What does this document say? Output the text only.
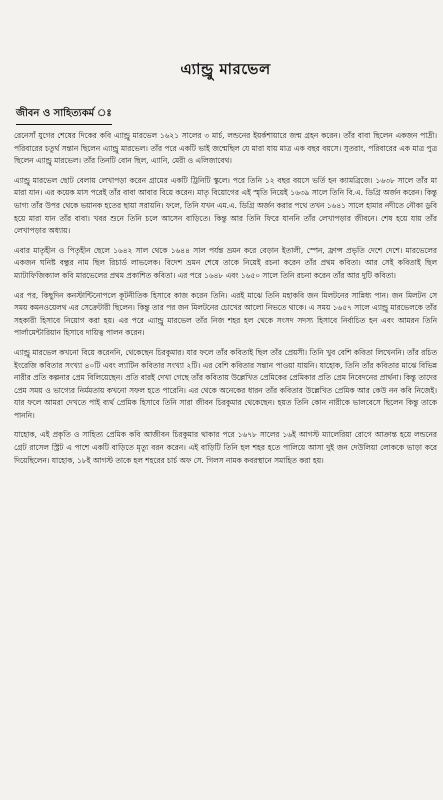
এ্যান্ড্রু মারভেল
জীবন ও সাহিত্যকর্ম ঃ

রেনেসাঁ যুগের শেষের দিকের কবি এ্যান্ড্রু মারভেল ১৬২১ সালের ৩ মার্চ, লন্ডনের ইয়র্কশায়ারে জন্ম গ্রহন করেন। তাঁর বাবা ছিলেন একজন পাদ্রী। পরিবারের চতুর্থ সন্তান ছিলেন এ্যান্ড্রু মারভেল। তাঁর পরে একটি ভাই জন্মেছিল যে মারা যায় মাত্র এক বছর বয়সে। সুতরাং, পরিবারের এক মাত্র পুত্র ছিলেন এ্যান্ড্রু মারভেল। তাঁর তিনটি বোন ছিল, এ্যানি, মেরী ও এলিজাবেথ।

এ্যান্ড্রু মারভেল ছোট বেলায় লেখাপড়া করেন গ্রামের একটি ট্রিনিটি স্কুলে। পরে তিনি ১২ বছর বয়সে ভর্তি হন ক্যামব্রিজে। ১৬৩৮ সালে তাঁর মা মারা যান। এর কয়েক মাস পরেই তাঁর বাবা আবার বিয়ে করেন। মাতৃ বিয়োগের এই স্মৃতি নিয়েই ১৬৩৯ সালে তিনি বি.এ. ডিগ্রি অর্জন করেন। কিন্তু ভাগ্য তাঁর উপর থেকে ভয়ানক হতের ছায়া সরায়নি। ফলে, তিনি যখন এম.এ. ডিগ্রি অর্জন করার পথে তখন ১৬৪১ সালে হামার নদীতে নৌকা ডুবি হয়ে মারা যান তাঁর বাবা। খবর শুনে তিনি চলে আসেন বাড়িতে। কিন্তু আর তিনি ফিরে যাননি তাঁর লেখাপড়ার জীবনে। শেষ হয়ে যায় তাঁর লেখাপড়ার অধ্যায়।

এবার মাতৃহীন ও পিতৃহীন ছেলে ১৬৪২ সাল থেকে ১৬৪৪ সাল পর্যন্ত ভ্রমন করে বেড়ান ইতালী, স্পেন, ফ্রান্স প্রভৃতি দেশে দেশে। মারভেলের একজন ঘনিষ্ট বন্ধুর নাম ছিল রিচার্ড লাভলেক। বিদেশ ভ্রমন শেষে তাকে নিয়েই রচনা করেন তাঁর প্রথম কবিতা। আর সেই কবিতাই ছিল ম্যাটাফিজিক্যাল কবি মারভেলের প্রথম প্রকাশিত কবিতা। এর পরে ১৬৪৮ এবং ১৬৫০ সালে তিনি রচনা করেন তাঁর আর দুটি কবিতা।

এর পর, কিছুদিন কনস্টান্টিনোপলে কূটনীতিক হিসাবে কাজ করেন তিনি। এরই মাঝে তিনি মহাকবি জন মিলটনের সান্নিধ্য পান। জন মিলটন সে সময় কমনওয়েলথ এর সেক্রেটারী ছিলেন। কিন্তু তার পর জন মিলটনের চোখের আলো নিভতে থাকে। এ সময় ১৬৫৭ সালে এ্যান্ড্রু মারভেলকে তাঁর সহকারী হিসাবে নিয়োগ করা হয়। এর পরে এ্যান্ড্রু মারভেল তাঁর নিজ শহর হল থেকে সংসদ সদস্য হিসাবে নির্বাচিত হন এবং আমরন তিনি পার্লামেন্টারিয়ান হিসাবে দায়িত্ব পালন করেন।

এ্যান্ড্রু মারভেল কখনো বিয়ে করেননি, থেকেছেন চিরকুমার। যার ফলে তাঁর কবিতাই ছিল তাঁর প্রেয়সী। তিনি খুব বেশি কবিতা লিখেননি। তাঁর রচিত ইংরেজি কবিতার সংখ্যা ৪০টি এবং ল্যাটিন কবিতার সংখ্যা ২টি। এর বেশি কবিতার সন্তান পাওয়া যায়নি। যাহোক, তিনি তাঁর কবিতার মাঝে বিভিন্ন নারীর প্রতি কল্পনার প্রেম বিলিয়েছেন। প্রতি বারই দেখা গেছে তাঁর কবিতায় উল্লেখিত প্রেমিকের প্রেমিকার প্রতি প্রেম নিবেদনের প্রার্থনা। কিন্তু তাদের প্রেম সময় ও ভাগ্যের নির্মমতায় কখনো সফল হতে পারেনি। এর থেকে অনেকের ধারন তাঁর কবিতার উল্লেখিত প্রেমিক আর কেউ নন কবি নিজেই। যার ফলে আমরা দেখতে পাই ব্যর্থ প্রেমিক হিসাবে তিনি সারা জীবন চিরকুমার থেকেছেন। হয়ত তিনি কোন নারীকে ভালবেসে ছিলেন কিন্তু তাকে পাননি।

যাহোক, এই প্রকৃতি ও সাহিত্য প্রেমিক কবি আজীবন চিরকুমার থাকার পরে ১৬৭৮ সালের ১৬ই আগস্ট ম্যালেরিয়া রোগে আক্রান্ত হয়ে লন্ডনের গ্রেট রাসেল স্ট্রিট এ পাশে একটি বাড়িতে মৃত্যু বরন করেন। এই বাড়িটি তিনি হল শহর হতে পালিয়ে আসা দুই জন দেউলিয়া লোককে ভাড়া করে দিয়েছিলেন। যাহোক, ১৮ই আগস্ট তাকে হল শহরের চার্চ অফ সে. গিলস নামক কবরস্থানে সমাহিত করা হয়।
